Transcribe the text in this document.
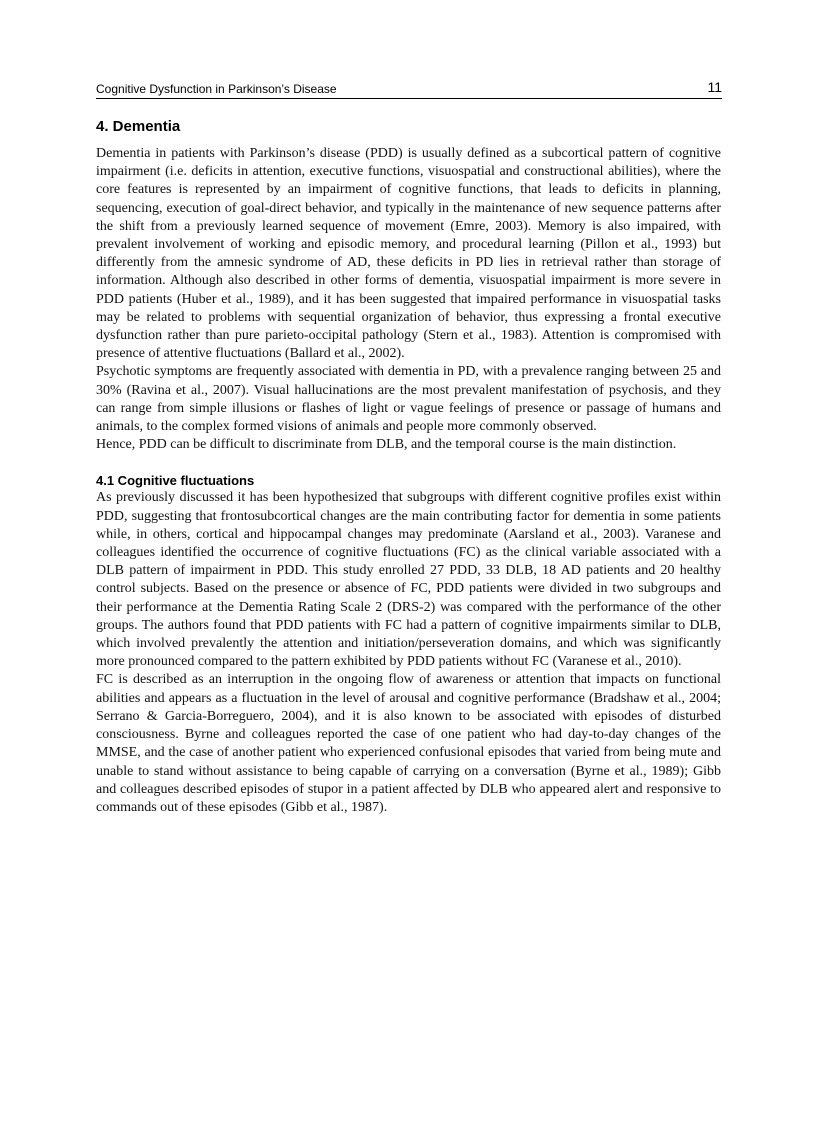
Cognitive Dysfunction in Parkinson’s Disease	11
4. Dementia

Dementia in patients with Parkinson’s disease (PDD) is usually defined as a subcortical pattern of cognitive impairment (i.e. deficits in attention, executive functions, visuospatial and constructional abilities), where the core features is represented by an impairment of cognitive functions, that leads to deficits in planning, sequencing, execution of goal-direct behavior, and typically in the maintenance of new sequence patterns after the shift from a previously learned sequence of movement (Emre, 2003). Memory is also impaired, with prevalent involvement of working and episodic memory, and procedural learning (Pillon et al., 1993) but differently from the amnesic syndrome of AD, these deficits in PD lies in retrieval rather than storage of information. Although also described in other forms of dementia, visuospatial impairment is more severe in PDD patients (Huber et al., 1989), and it has been suggested that impaired performance in visuospatial tasks may be related to problems with sequential organization of behavior, thus expressing a frontal executive dysfunction rather than pure parieto-occipital pathology (Stern et al., 1983). Attention is compromised with presence of attentive fluctuations (Ballard et al., 2002).

Psychotic symptoms are frequently associated with dementia in PD, with a prevalence ranging between 25 and 30% (Ravina et al., 2007). Visual hallucinations are the most prevalent manifestation of psychosis, and they can range from simple illusions or flashes of light or vague feelings of presence or passage of humans and animals, to the complex formed visions of animals and people more commonly observed.

Hence, PDD can be difficult to discriminate from DLB, and the temporal course is the main distinction.

4.1 Cognitive fluctuations

As previously discussed it has been hypothesized that subgroups with different cognitive profiles exist within PDD, suggesting that frontosubcortical changes are the main contributing factor for dementia in some patients while, in others, cortical and hippocampal changes may predominate (Aarsland et al., 2003). Varanese and colleagues identified the occurrence of cognitive fluctuations (FC) as the clinical variable associated with a DLB pattern of impairment in PDD. This study enrolled 27 PDD, 33 DLB, 18 AD patients and 20 healthy control subjects. Based on the presence or absence of FC, PDD patients were divided in two subgroups and their performance at the Dementia Rating Scale 2 (DRS-2) was compared with the performance of the other groups. The authors found that PDD patients with FC had a pattern of cognitive impairments similar to DLB, which involved prevalently the attention and initiation/perseveration domains, and which was significantly more pronounced compared to the pattern exhibited by PDD patients without FC (Varanese et al., 2010).

FC is described as an interruption in the ongoing flow of awareness or attention that impacts on functional abilities and appears as a fluctuation in the level of arousal and cognitive performance (Bradshaw et al., 2004; Serrano & Garcia-Borreguero, 2004), and it is also known to be associated with episodes of disturbed consciousness. Byrne and colleagues reported the case of one patient who had day-to-day changes of the MMSE, and the case of another patient who experienced confusional episodes that varied from being mute and unable to stand without assistance to being capable of carrying on a conversation (Byrne et al., 1989); Gibb and colleagues described episodes of stupor in a patient affected by DLB who appeared alert and responsive to commands out of these episodes (Gibb et al., 1987).
